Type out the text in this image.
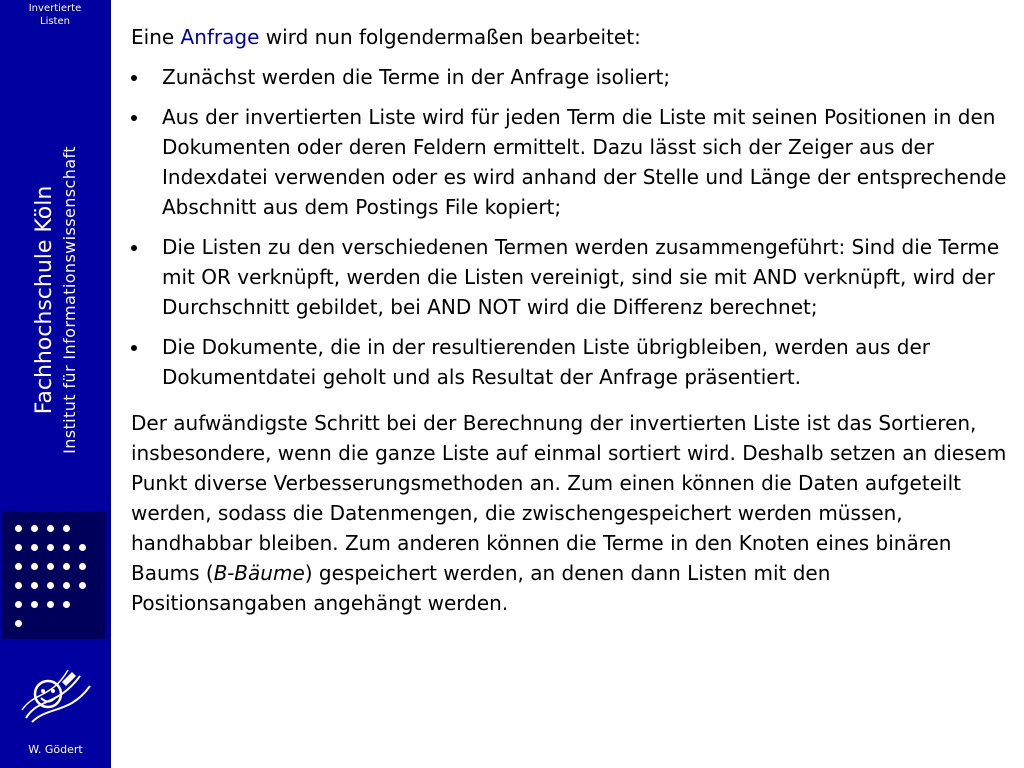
Invertierte Listen
Fachhochschule Köln Institut für Informationswissenschaft
W. Gödert

Eine Anfrage wird nun folgendermaßen bearbeitet:

Zunächst werden die Terme in der Anfrage isoliert;
Aus der invertierten Liste wird für jeden Term die Liste mit seinen Positionen in den Dokumenten oder deren Feldern ermittelt. Dazu lässt sich der Zeiger aus der Indexdatei verwenden oder es wird anhand der Stelle und Länge der entsprechende Abschnitt aus dem Postings File kopiert;
Die Listen zu den verschiedenen Termen werden zusammengeführt: Sind die Terme mit OR verknüpft, werden die Listen vereinigt, sind sie mit AND verknüpft, wird der Durchschnitt gebildet, bei AND NOT wird die Differenz berechnet;
Die Dokumente, die in der resultierenden Liste übrigbleiben, werden aus der Dokumentdatei geholt und als Resultat der Anfrage präsentiert.

Der aufwändigste Schritt bei der Berechnung der invertierten Liste ist das Sortieren, insbesondere, wenn die ganze Liste auf einmal sortiert wird. Deshalb setzen an diesem Punkt diverse Verbesserungsmethoden an. Zum einen können die Daten aufgeteilt werden, sodass die Datenmengen, die zwischengespeichert werden müssen, handhabbar bleiben. Zum anderen können die Terme in den Knoten eines binären Baums (B-Bäume) gespeichert werden, an denen dann Listen mit den Positionsangaben angehängt werden.
